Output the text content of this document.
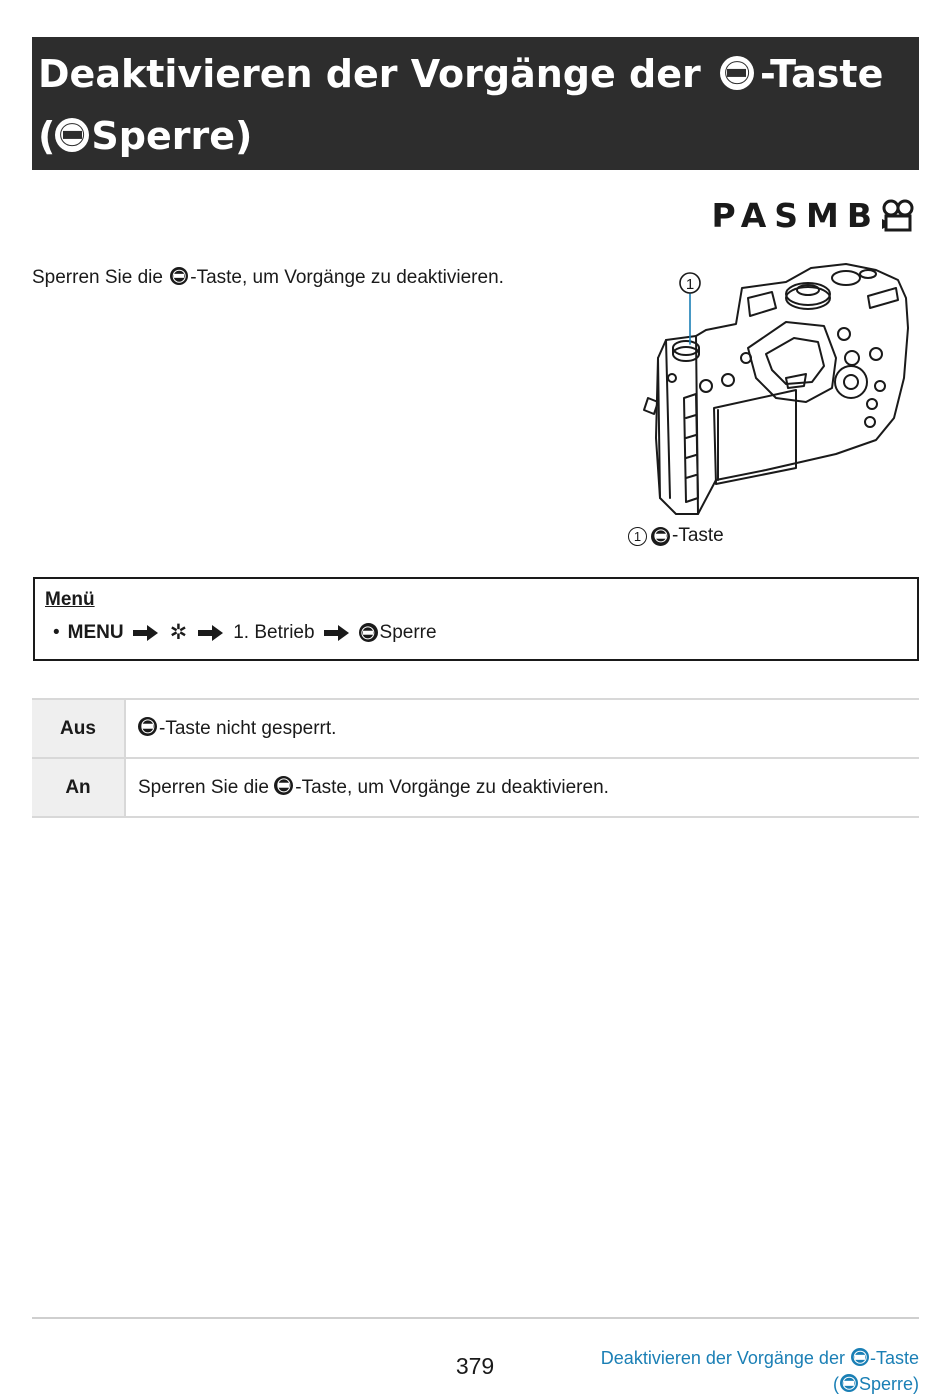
Deaktivieren der Vorgänge der -Taste
( Sperre)
PASMB
Sperren Sie die -Taste, um Vorgänge zu deaktivieren.	1
1	-Taste
Menü
• MENU ✲ 1. Betrieb	Sperre
Aus	-Taste nicht gesperrt.
An	Sperren Sie die -Taste, um Vorgänge zu deaktivieren.
379	Deaktivieren der Vorgänge der -Taste
( Sperre)
